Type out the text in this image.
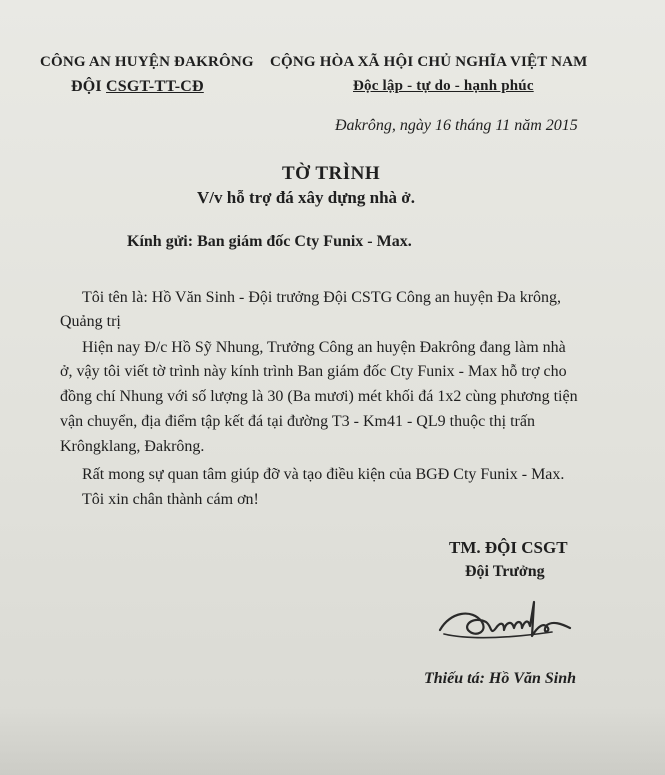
CÔNG AN HUYỆN ĐAKRÔNG
ĐỘI CSGT-TT-CĐ
CỘNG HÒA XÃ HỘI CHỦ NGHĨA VIỆT NAM
Độc lập - tự do - hạnh phúc
Đakrông, ngày 16 tháng 11 năm 2015
TỜ TRÌNH
V/v hỗ trợ đá xây dựng nhà ở.
Kính gửi: Ban giám đốc Cty Funix - Max.
Tôi tên là: Hồ Văn Sinh - Đội trưởng Đội CSTG Công an huyện Đa krông,
Quảng trị
Hiện nay Đ/c Hồ Sỹ Nhung, Trưởng Công an huyện Đakrông đang làm nhà
ở, vậy tôi viết tờ trình này kính trình Ban giám đốc Cty Funix - Max hỗ trợ cho
đồng chí Nhung với số lượng là 30 (Ba mươi) mét khối đá 1x2 cùng phương tiện
vận chuyển, địa điểm tập kết đá tại đường T3 - Km41 - QL9 thuộc thị trấn
Krôngklang, Đakrông.
Rất mong sự quan tâm giúp đỡ và tạo điều kiện của BGĐ Cty Funix - Max.
Tôi xin chân thành cám ơn!
TM. ĐỘI CSGT
Đội Trưởng
Thiếu tá: Hồ Văn Sinh
